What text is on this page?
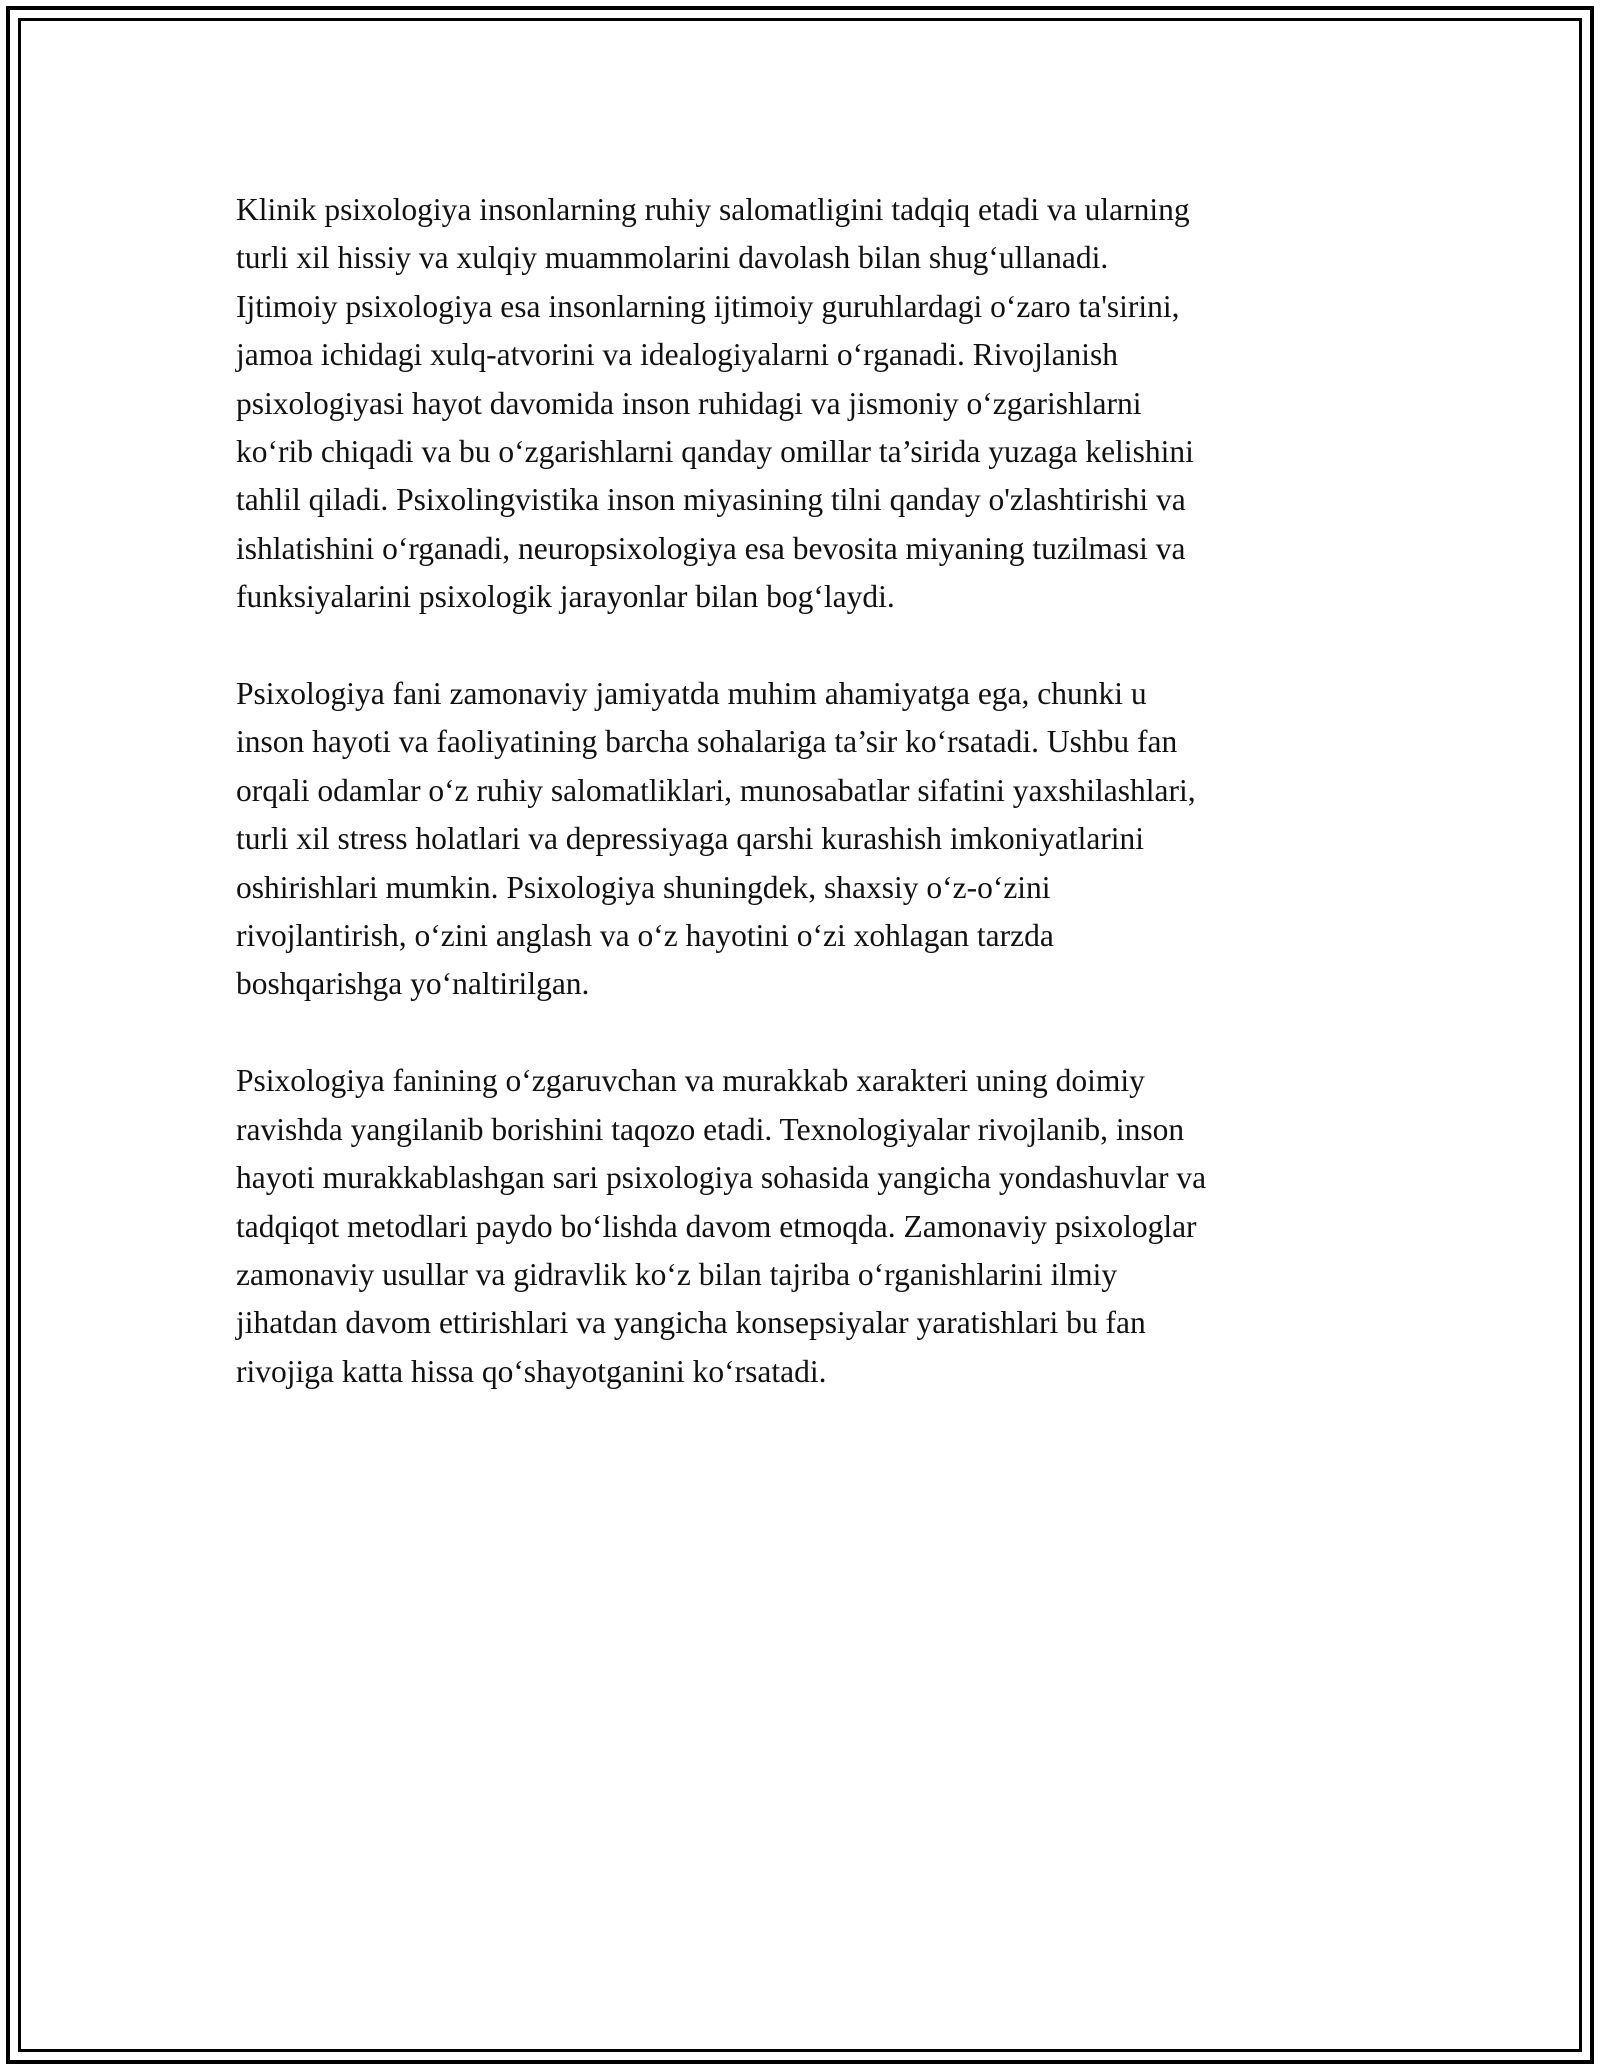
Klinik psixologiya insonlarning ruhiy salomatligini tadqiq etadi va ularning
turli xil hissiy va xulqiy muammolarini davolash bilan shug‘ullanadi.
Ijtimoiy psixologiya esa insonlarning ijtimoiy guruhlardagi o‘zaro ta'sirini,
jamoa ichidagi xulq-atvorini va idealogiyalarni o‘rganadi. Rivojlanish
psixologiyasi hayot davomida inson ruhidagi va jismoniy o‘zgarishlarni
ko‘rib chiqadi va bu o‘zgarishlarni qanday omillar ta’sirida yuzaga kelishini
tahlil qiladi. Psixolingvistika inson miyasining tilni qanday o'zlashtirishi va
ishlatishini o‘rganadi, neuropsixologiya esa bevosita miyaning tuzilmasi va
funksiyalarini psixologik jarayonlar bilan bog‘laydi.

Psixologiya fani zamonaviy jamiyatda muhim ahamiyatga ega, chunki u
inson hayoti va faoliyatining barcha sohalariga ta’sir ko‘rsatadi. Ushbu fan
orqali odamlar o‘z ruhiy salomatliklari, munosabatlar sifatini yaxshilashlari,
turli xil stress holatlari va depressiyaga qarshi kurashish imkoniyatlarini
oshirishlari mumkin. Psixologiya shuningdek, shaxsiy o‘z-o‘zini
rivojlantirish, o‘zini anglash va o‘z hayotini o‘zi xohlagan tarzda
boshqarishga yo‘naltirilgan.

Psixologiya fanining o‘zgaruvchan va murakkab xarakteri uning doimiy
ravishda yangilanib borishini taqozo etadi. Texnologiyalar rivojlanib, inson
hayoti murakkablashgan sari psixologiya sohasida yangicha yondashuvlar va
tadqiqot metodlari paydo bo‘lishda davom etmoqda. Zamonaviy psixologlar
zamonaviy usullar va gidravlik ko‘z bilan tajriba o‘rganishlarini ilmiy
jihatdan davom ettirishlari va yangicha konsepsiyalar yaratishlari bu fan
rivojiga katta hissa qo‘shayotganini ko‘rsatadi.
